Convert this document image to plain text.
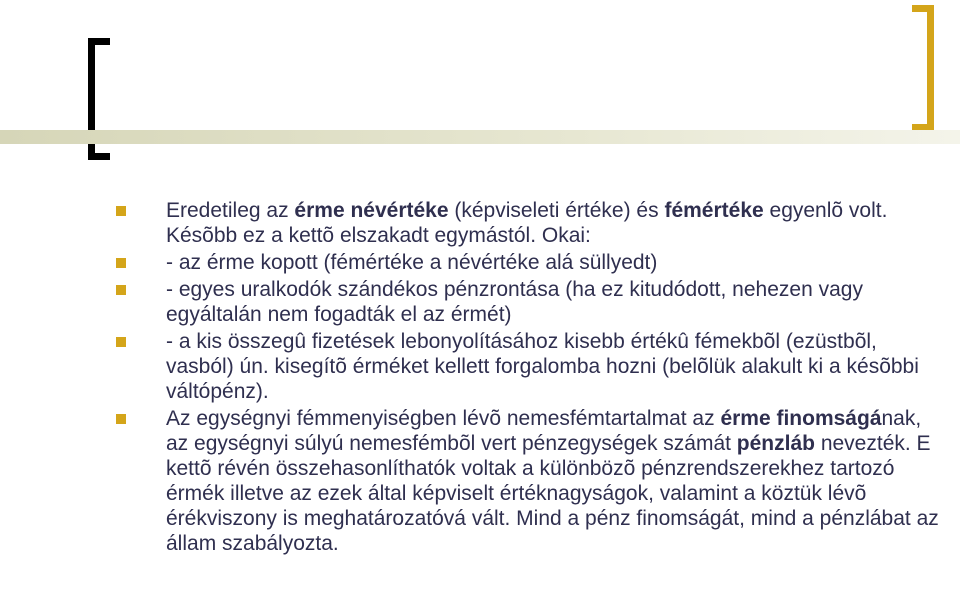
Eredetileg az érme névértéke (képviseleti értéke) és fémértéke egyenlõ volt. Késõbb ez a kettõ elszakadt egymástól. Okai:
- az érme kopott (fémértéke a névértéke alá süllyedt)
- egyes uralkodók szándékos pénzrontása (ha ez kitudódott, nehezen vagy egyáltalán nem fogadták el az érmét)
- a kis összegû fizetések lebonyolításához kisebb értékû fémekbõl (ezüstbõl, vasból) ún. kisegítõ érméket kellett forgalomba hozni (belõlük alakult ki a késõbbi váltópénz).
Az egységnyi fémmenyiségben lévõ nemesfémtartalmat az érme finomságának, az egységnyi súlyú nemesfémbõl vert pénzegységek számát pénzláb nevezték. E kettõ révén összehasonlíthatók voltak a különbözõ pénzrendszerekhez tartozó érmék illetve az ezek által képviselt értéknagyságok, valamint a köztük lévõ érékviszony is meghatározatóvá vált. Mind a pénz finomságát, mind a pénzlábat az állam szabályozta.
